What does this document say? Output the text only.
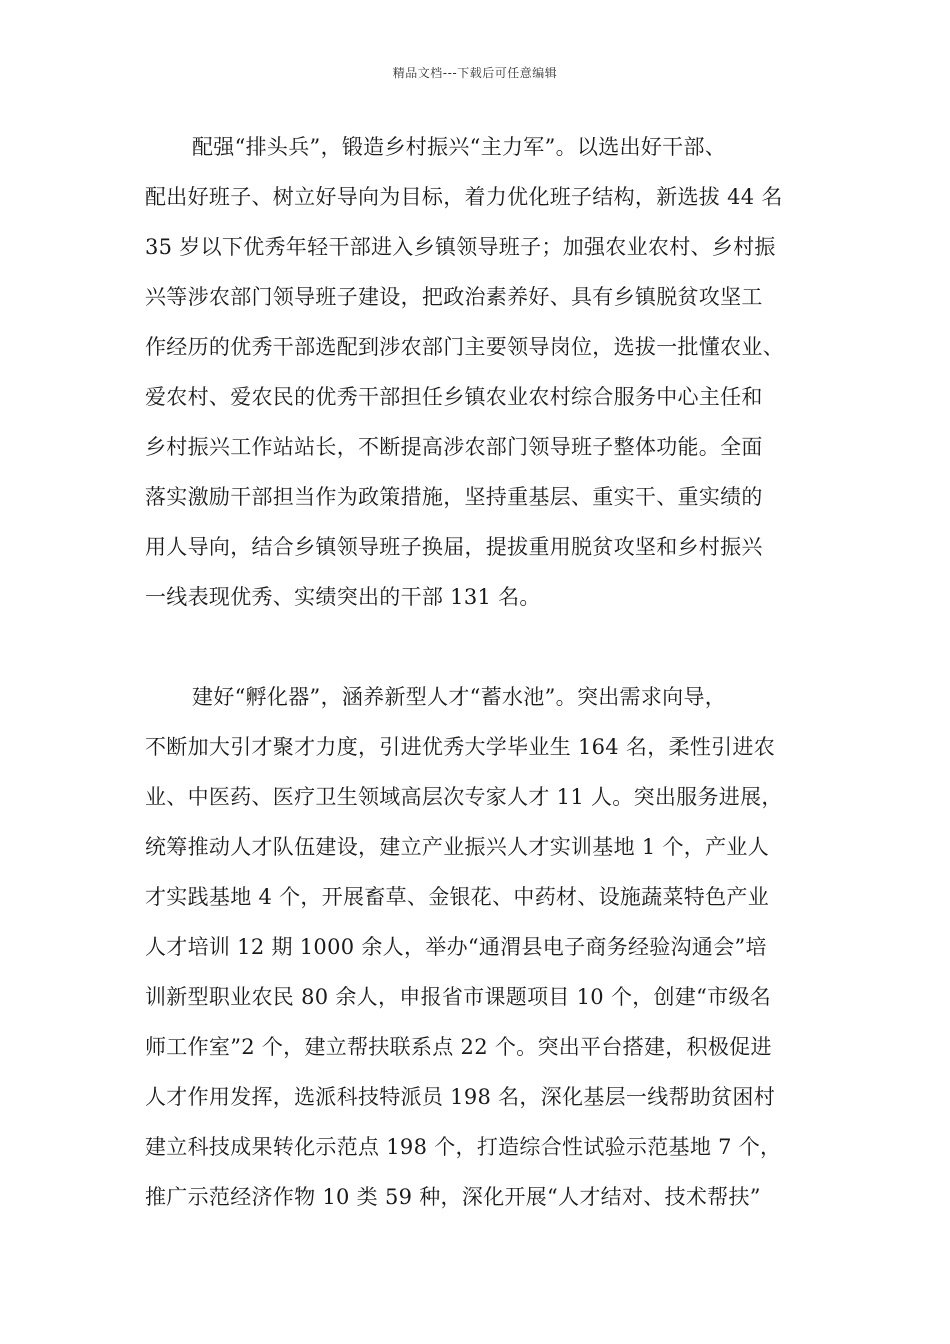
精品文档---下载后可任意编辑
配强“排头兵”，锻造乡村振兴“主力军”。以选出好干部、
配出好班子、树立好导向为目标，着力优化班子结构，新选拔 44 名
35 岁以下优秀年轻干部进入乡镇领导班子；加强农业农村、乡村振
兴等涉农部门领导班子建设，把政治素养好、具有乡镇脱贫攻坚工
作经历的优秀干部选配到涉农部门主要领导岗位，选拔一批懂农业、
爱农村、爱农民的优秀干部担任乡镇农业农村综合服务中心主任和
乡村振兴工作站站长，不断提高涉农部门领导班子整体功能。全面
落实激励干部担当作为政策措施，坚持重基层、重实干、重实绩的
用人导向，结合乡镇领导班子换届，提拔重用脱贫攻坚和乡村振兴
一线表现优秀、实绩突出的干部 131 名。
建好“孵化器”，涵养新型人才“蓄水池”。突出需求向导，
不断加大引才聚才力度，引进优秀大学毕业生 164 名，柔性引进农
业、中医药、医疗卫生领域高层次专家人才 11 人。突出服务进展，
统筹推动人才队伍建设，建立产业振兴人才实训基地 1 个，产业人
才实践基地 4 个，开展畜草、金银花、中药材、设施蔬菜特色产业
人才培训 12 期 1000 余人，举办“通渭县电子商务经验沟通会”培
训新型职业农民 80 余人，申报省市课题项目 10 个，创建“市级名
师工作室”2 个，建立帮扶联系点 22 个。突出平台搭建，积极促进
人才作用发挥，选派科技特派员 198 名，深化基层一线帮助贫困村
建立科技成果转化示范点 198 个，打造综合性试验示范基地 7 个，
推广示范经济作物 10 类 59 种，深化开展“人才结对、技术帮扶”
